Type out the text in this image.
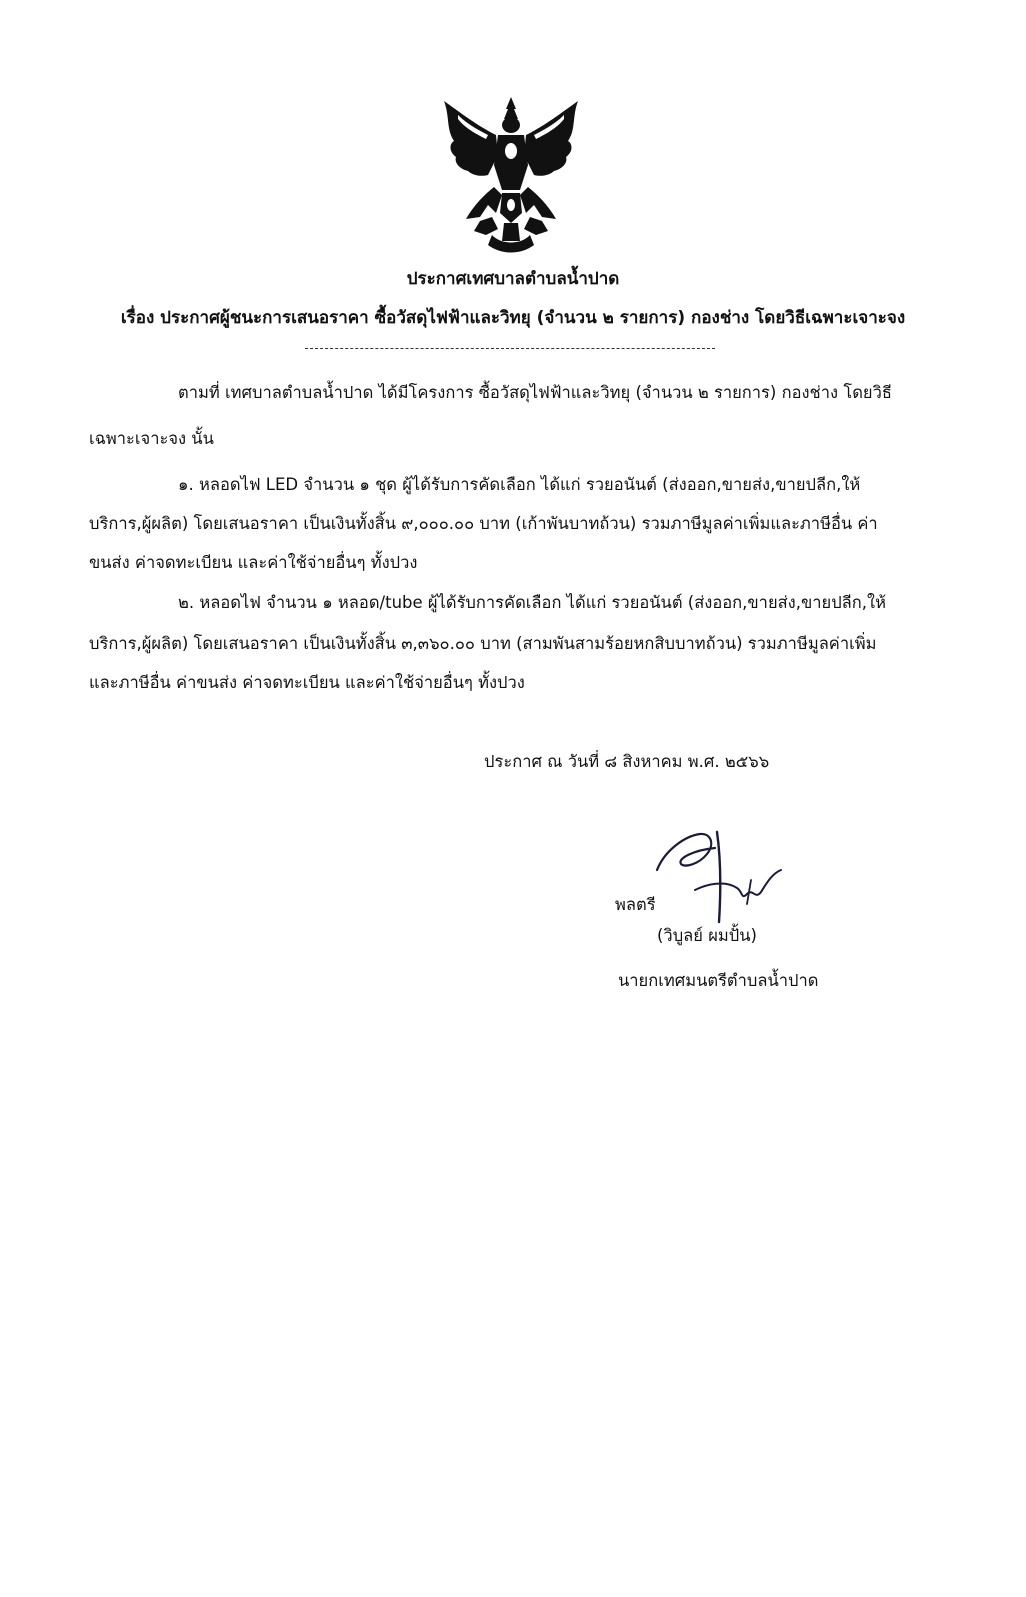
ประกาศเทศบาลตำบลน้ำปาด
เรื่อง ประกาศผู้ชนะการเสนอราคา ซื้อวัสดุไฟฟ้าและวิทยุ (จำนวน ๒ รายการ) กองช่าง โดยวิธีเฉพาะเจาะจง
ตามที่ เทศบาลตำบลน้ำปาด ได้มีโครงการ ซื้อวัสดุไฟฟ้าและวิทยุ (จำนวน ๒ รายการ) กองช่าง โดยวิธี
เฉพาะเจาะจง นั้น
๑. หลอดไฟ LED จำนวน ๑ ชุด ผู้ได้รับการคัดเลือก ได้แก่ รวยอนันต์ (ส่งออก,ขายส่ง,ขายปลีก,ให้
บริการ,ผู้ผลิต) โดยเสนอราคา เป็นเงินทั้งสิ้น ๙,๐๐๐.๐๐ บาท (เก้าพันบาทถ้วน) รวมภาษีมูลค่าเพิ่มและภาษีอื่น ค่า
ขนส่ง ค่าจดทะเบียน และค่าใช้จ่ายอื่นๆ ทั้งปวง
๒. หลอดไฟ จำนวน ๑ หลอด/tube ผู้ได้รับการคัดเลือก ได้แก่ รวยอนันต์ (ส่งออก,ขายส่ง,ขายปลีก,ให้
บริการ,ผู้ผลิต) โดยเสนอราคา เป็นเงินทั้งสิ้น ๓,๓๖๐.๐๐ บาท (สามพันสามร้อยหกสิบบาทถ้วน) รวมภาษีมูลค่าเพิ่ม
และภาษีอื่น ค่าขนส่ง ค่าจดทะเบียน และค่าใช้จ่ายอื่นๆ ทั้งปวง
ประกาศ ณ วันที่ ๘ สิงหาคม พ.ศ. ๒๕๖๖
พลตรี
(วิบูลย์ ผมปั้น)
นายกเทศมนตรีตำบลน้ำปาด
